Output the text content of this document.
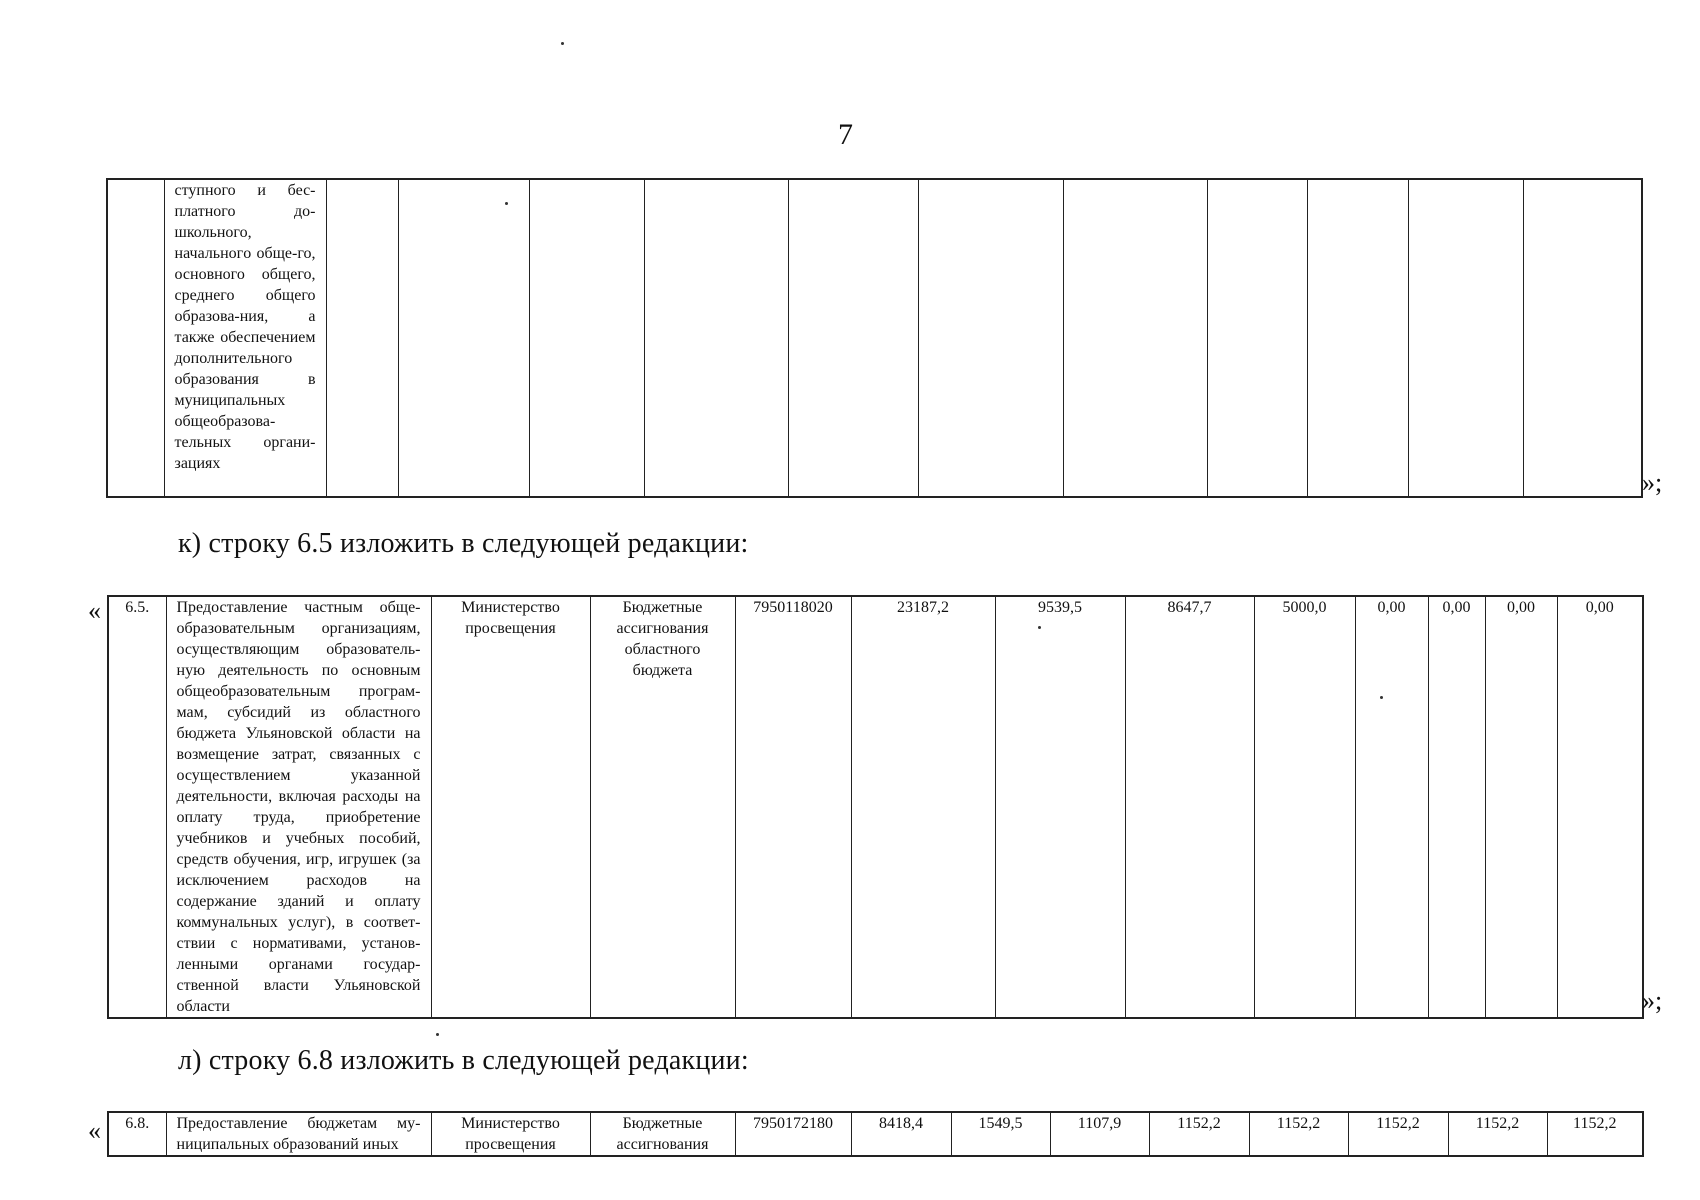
7
	ступного и бес-платного до-школьного, начальногo обще-го, основного общего, среднего общего образова-ния, а также обеспечением дополнительного образования в муниципальных общеобразова-тельных органи-зациях		

»;
к) строку 6.5 изложить в следующей редакции:
« 6.5.	Предоставление частным обще-образовательным организациям, осуществляющим образователь-ную деятельность по основным общеобразовательным програм-мам, субсидий из областного бюджета Ульяновской области на возмещение затрат, связанных с осуществлением указанной деятельности, включая расходы на оплату труда, приобретение учебников и учебных пособий, средств обучения, игр, игрушек (за исключением расходов на содержание зданий и оплату коммунальных услуг), в соответ-ствии с нормативами, установ-ленными органами государ-ственной власти Ульяновской области	Министерство просвещения	Бюджетные ассигнования областного бюджета	7950118020	23187,2	9539,5	8647,7	5000,0	0,00	0,00	0,00	0,00
»;
л) строку 6.8 изложить в следующей редакции:
« 6.8.	Предоставление бюджетам му-ниципальных образований иных	Министерство просвещения	Бюджетные ассигнования	7950172180	8418,4	1549,5	1107,9	1152,2	1152,2	1152,2	1152,2	1152,2
